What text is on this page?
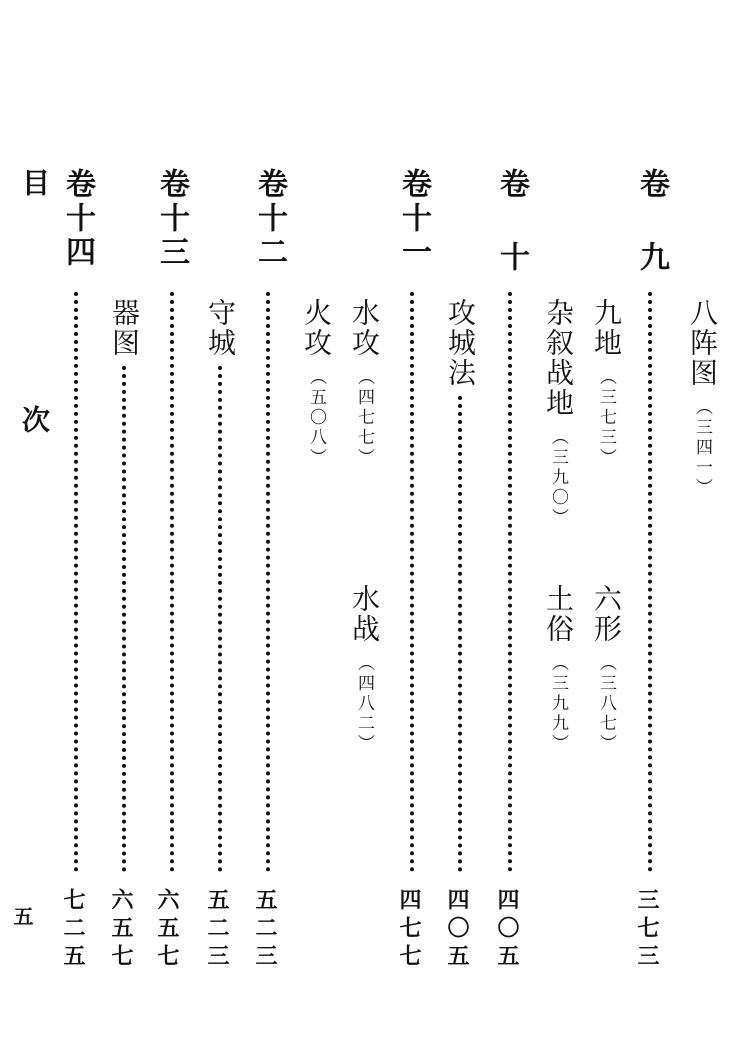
卷 九
八阵图（三四一）
九地（三七三）
六形（三八七）
三七三
卷 十
杂叙战地（三九〇）
土俗（三九九）
四〇五
卷十一
攻城法
四〇五
卷十二
水攻（四七七）
水战（四八二）
火攻（五〇八）
四七七
卷十三
守城
五二三
五二三
卷十四
器图
六五七
六五七
七二五
目 次
五
